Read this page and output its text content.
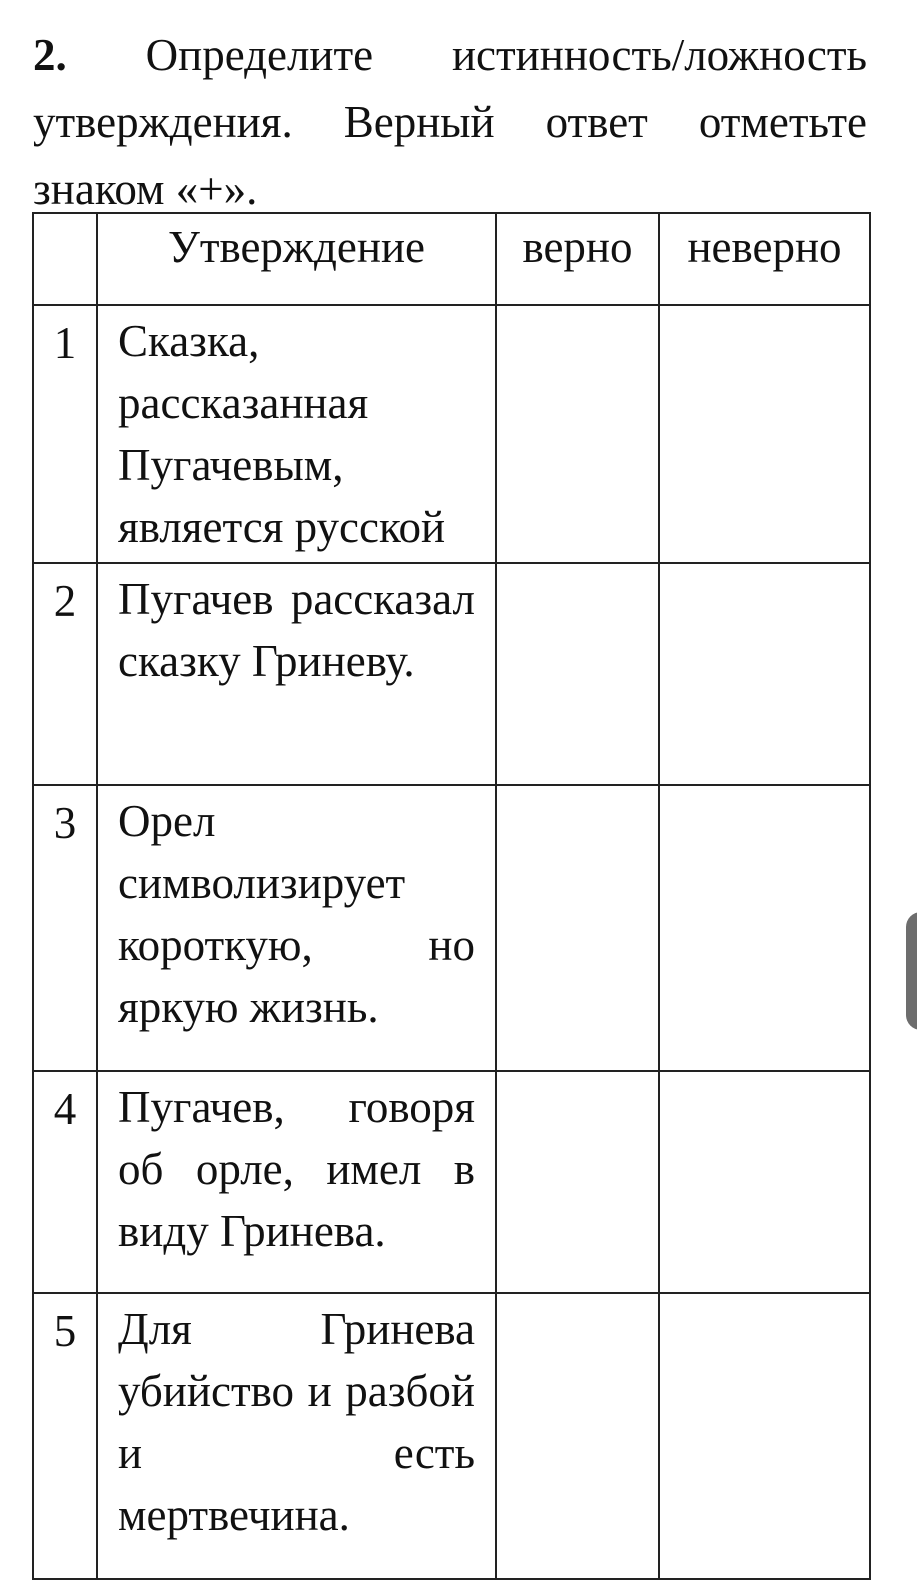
2. Определите истинность/ложность утверждения. Верный ответ отметьте знаком «+».
	Утверждение	верно	неверно
1	Сказка, рассказанная Пугачевым, является русской		
2	Пугачев рассказал сказку Гриневу.		
3	Орел символизирует короткую, но яркую жизнь.		
4	Пугачев, говоря об орле, имел в виду Гринева.		
5	Для Гринева убийство и разбой и есть мертвечина.		
